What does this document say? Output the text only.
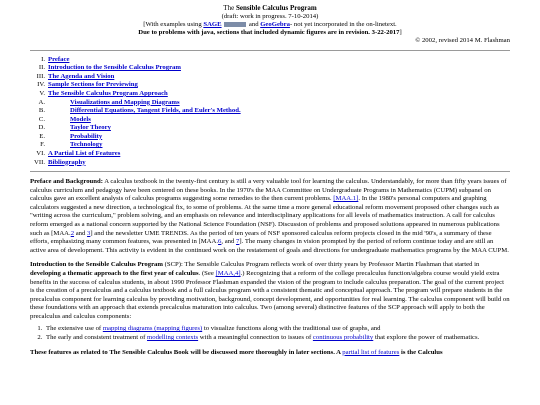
The Sensible Calculus Program
(draft: work in progress. 7-10-2014)
[With examples using SAGE	and GeoGebra- not yet incorporated in the on-linetext.
Due to problems with java, sections that included dynamic figures are in revision. 3-22-2017]
© 2002, revised 2014 M. Flashman
I. Preface
II. Introduction to the Sensible Calculus Program
III. The Agenda and Vision
IV. Sample Sections for Previewing
V. The Sensible Calculus Program Approach
A.	Visualizations and Mapping Diagrams
B.	Differential Equations, Tangent Fields, and Euler's Method.
C.	Models
D.	Taylor Theory
E.	Probability
F.	Technology
VI. A Partial List of Features
VII. Bibliography

Preface and Background: A calculus textbook in the twenty-first century is still a very valuable tool for learning the calculus. Understandably, for more than fifty years issues of calculus curriculum and pedagogy have been centered on these books. In the 1970's the MAA Committee on Undergraduate Programs in Mathematics (CUPM) subpanel on calculus gave an excellent analysis of calculus programs suggesting some remedies to the then current problems. [MAA.1]. In the 1980's personal computers and graphing calculators suggested a new direction, a technological fix, to some of problems. At the same time a more general educational reform movement proposed other changes such as "writing across the curriculum," problem solving, and an emphasis on relevance and interdisciplinary applications for all levels of mathematics instruction. A call for calculus reform emerged as a national concern supported by the National Science Foundation (NSF). Discussion of problems and proposed solutions appeared in numerous publications such as [MAA.2 and 3] and the newsletter UME TRENDS. As the period of ten years of NSF sponsored calculus reform projects closed in the mid '90's, a summary of these efforts, emphasizing many common features, was presented in [MAA.6, and 7]. The many changes in vision prompted by the period of reform continue today and are still an active area of development. This activity is evident in the continued work on the restatement of goals and directions for undergraduate mathematics programs by the MAA CUPM.

Introduction to the Sensible Calculus Program (SCP): The Sensible Calculus Program reflects work of over thirty years by Professor Martin Flashman that started in developing a thematic approach to the first year of calculus. (See [MAA,4].) Recognizing that a reform of the college precalculus function/algebra course would yield extra benefits in the success of calculus students, in about 1990 Professor Flashman expanded the vision of the program to include calculus preparation. The goal of the current project is the creation of a precalculus and a calculus textbook and a full calculus program with a consistent thematic and conceptual approach. The program will prepare students in the precalculus component for learning calculus by providing motivation, background, concept development, and opportunities for real learning. The calculus component will build on these foundations with an approach that extends precalculus maturation into calculus. Two (among several) distinctive features of the SCP approach will apply to both the precalculus and calculus components:

1. The extensive use of mapping diagrams (mapping figures) to visualize functions along with the traditional use of graphs, and
2. The early and consistent treatment of modelling contexts with a meaningful connection to issues of continuous probability that explore the power of mathematics.

These features as related to The Sensible Calculus Book will be discussed more thoroughly in later sections. A partial list of features is the Calculus
